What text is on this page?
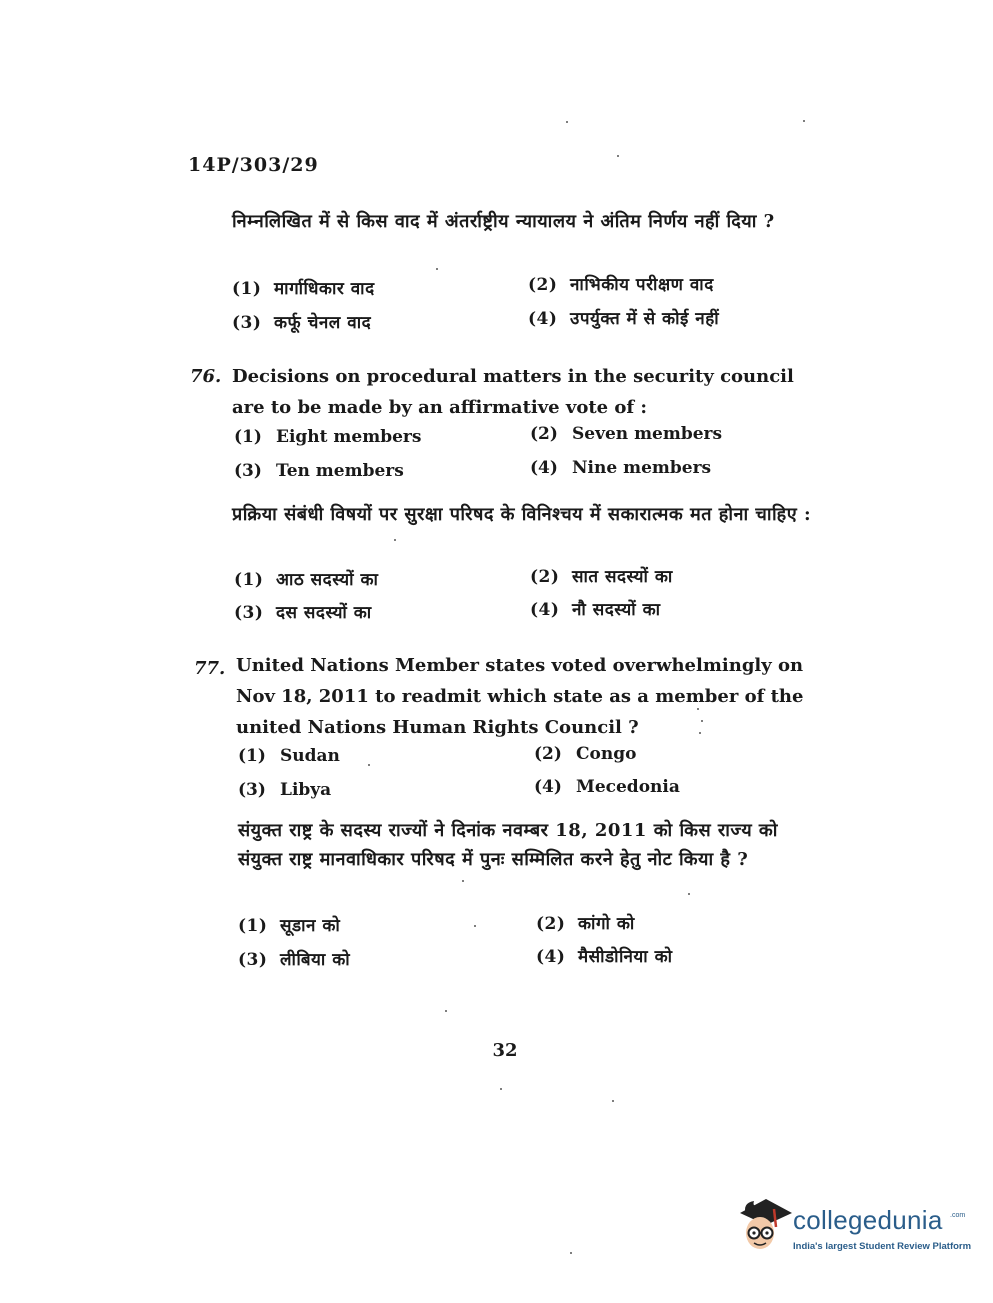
14P/303/29
निम्नलिखित में से किस वाद में अंतर्राष्ट्रीय न्यायालय ने अंतिम निर्णय नहीं दिया ?
(1) मार्गाधिकार वाद	(2) नाभिकीय परीक्षण वाद
(3) कर्फू चेनल वाद	(4) उपर्युक्त में से कोई नहीं
76. Decisions on procedural matters in the security council are to be made by an affirmative vote of :
(1) Eight members	(2) Seven members
(3) Ten members	(4) Nine members
प्रक्रिया संबंधी विषयों पर सुरक्षा परिषद के विनिश्चय में सकारात्मक मत होना चाहिए :
(1) आठ सदस्यों का	(2) सात सदस्यों का
(3) दस सदस्यों का	(4) नौ सदस्यों का
77. United Nations Member states voted overwhelmingly on Nov 18, 2011 to readmit which state as a member of the united Nations Human Rights Council ?
(1) Sudan	(2) Congo
(3) Libya	(4) Mecedonia
संयुक्त राष्ट्र के सदस्य राज्यों ने दिनांक नवम्बर 18, 2011 को किस राज्य को संयुक्त राष्ट्र मानवाधिकार परिषद में पुनः सम्मिलित करने हेतु नोट किया है ?
(1) सूडान को	(2) कांगो को
(3) लीबिया को	(4) मैसीडोनिया को
32
collegedunia .com
India's largest Student Review Platform
